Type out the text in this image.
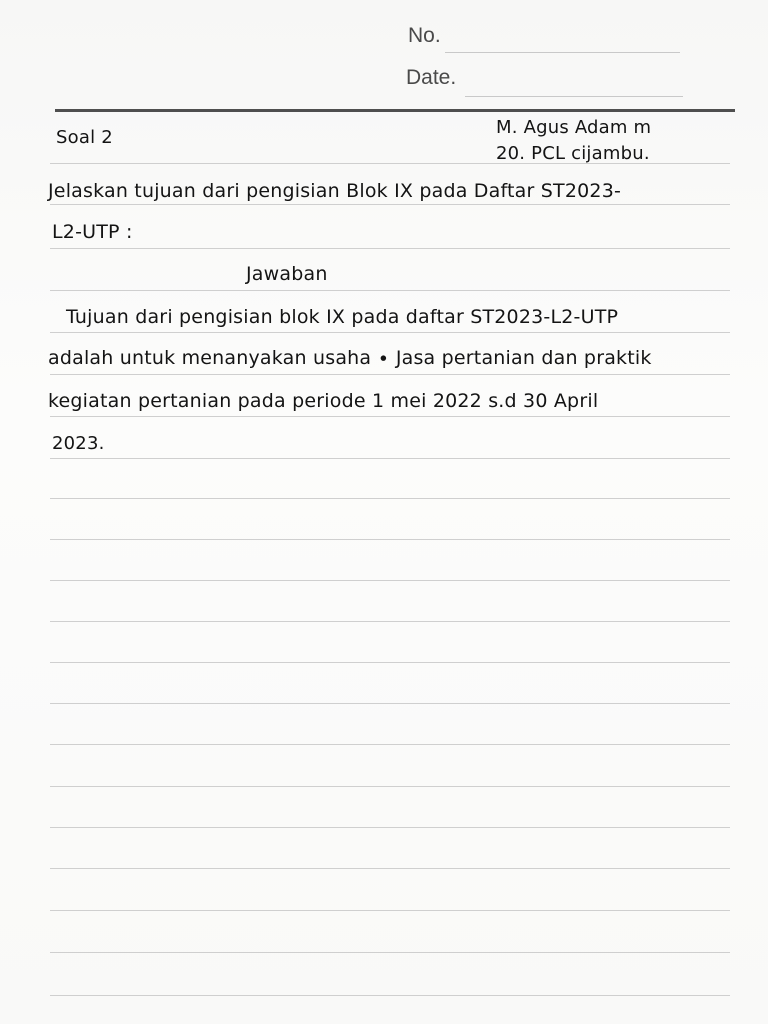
No.
Date.
Soal 2	M. Agus Adam m
20. PCL cijambu.
Jelaskan tujuan dari pengisian Blok IX pada Daftar ST2023-
L2-UTP :
Jawaban
Tujuan dari pengisian blok IX pada daftar ST2023-L2-UTP
adalah untuk menanyakan usaha ∙ Jasa pertanian dan praktik
kegiatan pertanian pada periode 1 mei 2022 s.d 30 April
2023.
